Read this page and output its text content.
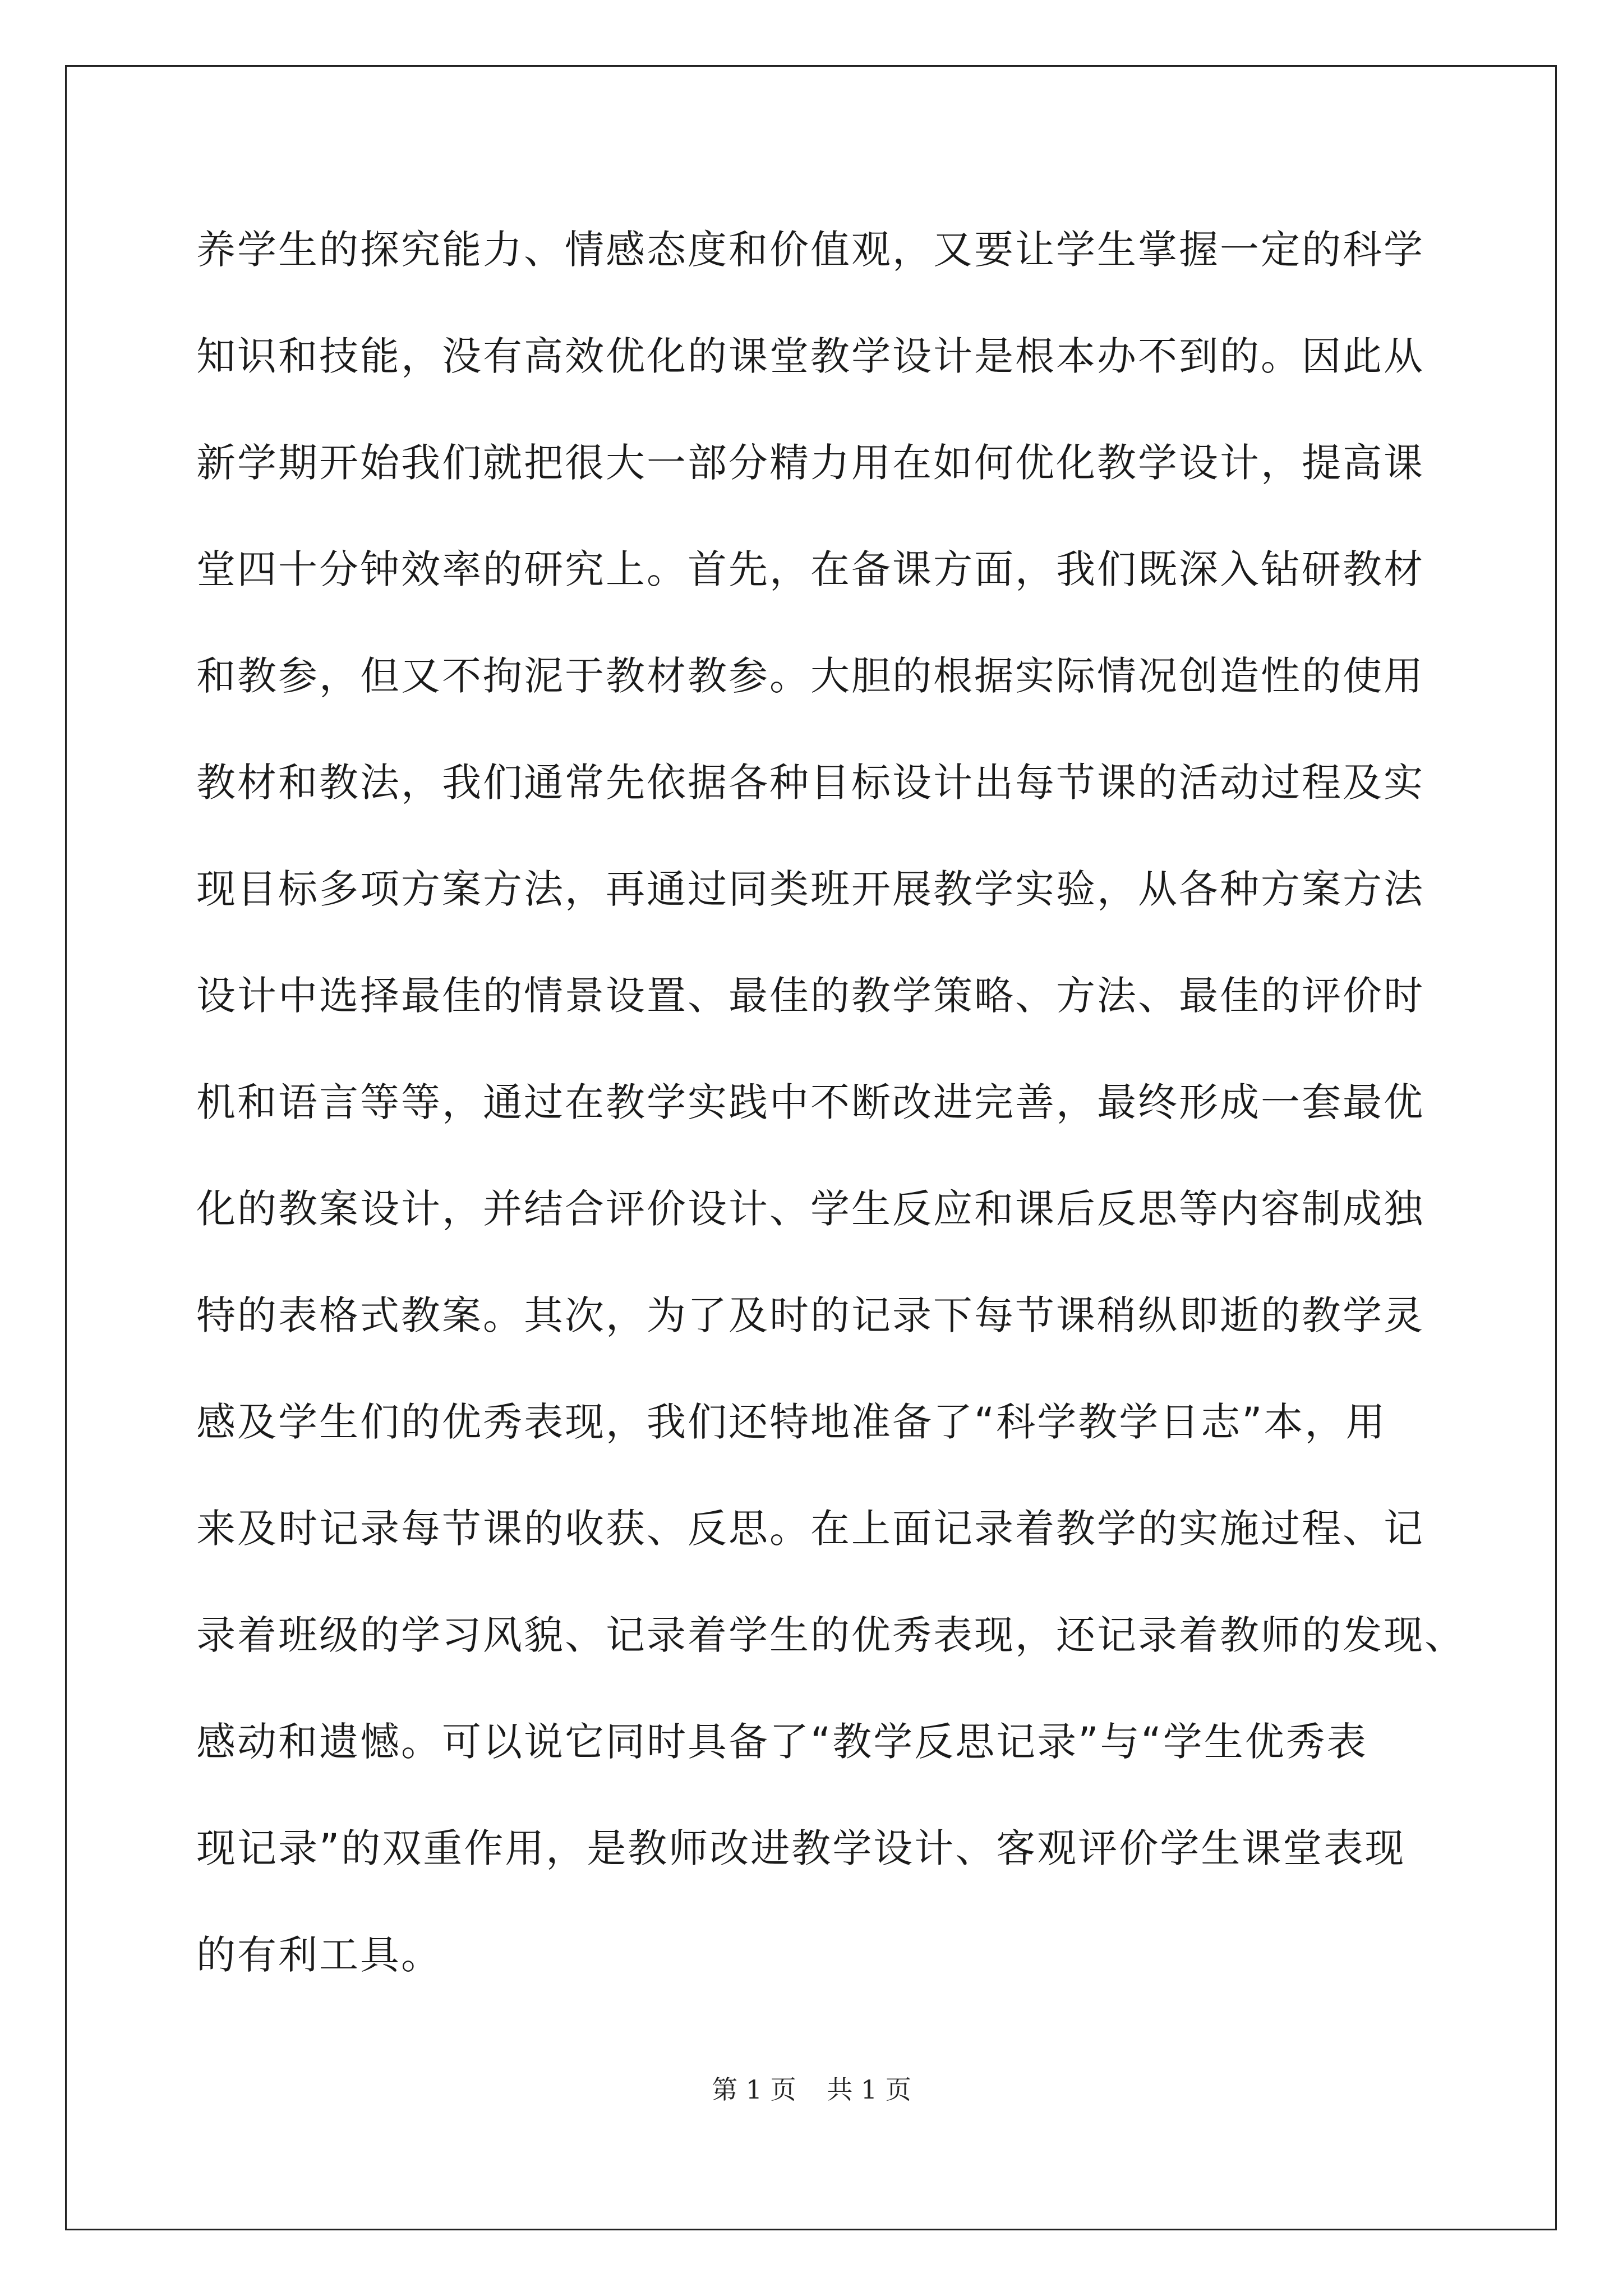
养学生的探究能力、情感态度和价值观，又要让学生掌握一定的科学
知识和技能，没有高效优化的课堂教学设计是根本办不到的。因此从
新学期开始我们就把很大一部分精力用在如何优化教学设计，提高课
堂四十分钟效率的研究上。首先，在备课方面，我们既深入钻研教材
和教参，但又不拘泥于教材教参。大胆的根据实际情况创造性的使用
教材和教法，我们通常先依据各种目标设计出每节课的活动过程及实
现目标多项方案方法，再通过同类班开展教学实验，从各种方案方法
设计中选择最佳的情景设置、最佳的教学策略、方法、最佳的评价时
机和语言等等，通过在教学实践中不断改进完善，最终形成一套最优
化的教案设计，并结合评价设计、学生反应和课后反思等内容制成独
特的表格式教案。其次，为了及时的记录下每节课稍纵即逝的教学灵
感及学生们的优秀表现，我们还特地准备了“科学教学日志”本，用
来及时记录每节课的收获、反思。在上面记录着教学的实施过程、记
录着班级的学习风貌、记录着学生的优秀表现，还记录着教师的发现、
感动和遗憾。可以说它同时具备了“教学反思记录”与“学生优秀表
现记录”的双重作用，是教师改进教学设计、客观评价学生课堂表现
的有利工具。
第 1 页 共 1 页
